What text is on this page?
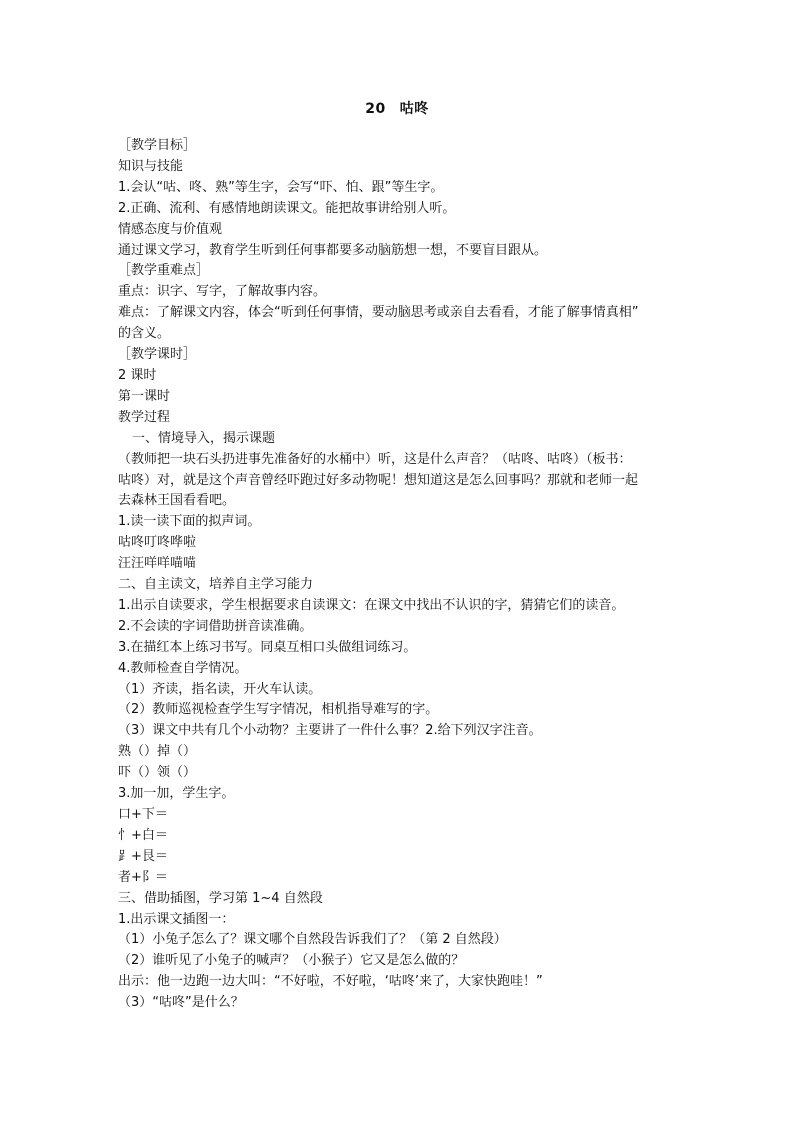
20 咕咚
［教学目标］
知识与技能
1.会认“咕、咚、熟”等生字，会写“吓、怕、跟”等生字。
2.正确、流利、有感情地朗读课文。能把故事讲给别人听。
情感态度与价值观
通过课文学习，教育学生听到任何事都要多动脑筋想一想，不要盲目跟从。
［教学重难点］
重点：识字、写字，了解故事内容。
难点：了解课文内容，体会“听到任何事情，要动脑思考或亲自去看看，才能了解事情真相”
的含义。
［教学课时］
2 课时
第一课时
教学过程
一、情境导入，揭示课题
（教师把一块石头扔进事先准备好的水桶中）听，这是什么声音？（咕咚、咕咚）（板书：
咕咚）对，就是这个声音曾经吓跑过好多动物呢！想知道这是怎么回事吗？那就和老师一起
去森林王国看看吧。
1.读一读下面的拟声词。
咕咚叮咚哗啦
汪汪咩咩喵喵
二、自主读文，培养自主学习能力
1.出示自读要求，学生根据要求自读课文：在课文中找出不认识的字，猜猜它们的读音。
2.不会读的字词借助拼音读准确。
3.在描红本上练习书写。同桌互相口头做组词练习。
4.教师检查自学情况。
（1）齐读，指名读，开火车认读。
（2）教师巡视检查学生写字情况，相机指导难写的字。
（3）课文中共有几个小动物？主要讲了一件什么事？2.给下列汉字注音。
熟（）掉（）
吓（）领（）
3.加一加，学生字。
口+下＝
忄+白＝
⻊+艮＝
者+阝＝
三、借助插图，学习第 1~4 自然段
1.出示课文插图一：
（1）小兔子怎么了？课文哪个自然段告诉我们了？（第 2 自然段）
（2）谁听见了小兔子的喊声？（小猴子）它又是怎么做的？
出示：他一边跑一边大叫：“不好啦，不好啦，‘咕咚’来了，大家快跑哇！”
（3）“咕咚”是什么？
